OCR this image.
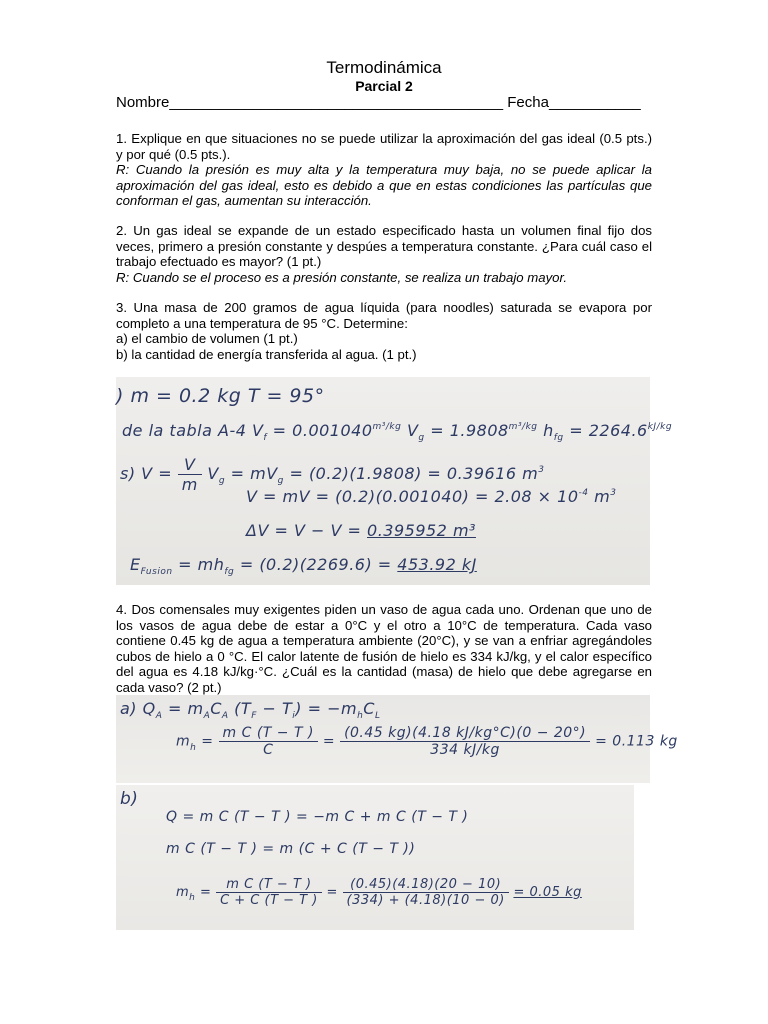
Termodinámica
Parcial 2
Nombre________________________________________ Fecha___________
1. Explique en que situaciones no se puede utilizar la aproximación del gas ideal (0.5 pts.) y por qué (0.5 pts.).
R: Cuando la presión es muy alta y la temperatura muy baja, no se puede aplicar la aproximación del gas ideal, esto es debido a que en estas condiciones las partículas que conforman el gas, aumentan su interacción.
2. Un gas ideal se expande de un estado especificado hasta un volumen final fijo dos veces, primero a presión constante y despúes a temperatura constante. ¿Para cuál caso el trabajo efectuado es mayor? (1 pt.)
R: Cuando se el proceso es a presión constante, se realiza un trabajo mayor.
3. Una masa de 200 gramos de agua líquida (para noodles) saturada se evapora por completo a una temperatura de 95 °C. Determine:
a) el cambio de volumen (1 pt.)
b) la cantidad de energía transferida al agua. (1 pt.)
) m = 0.2 kg T = 95°
de la tabla A-4 $V_f = 0.001040^{m^3/kg}$ $V_g = 1.9808^{m^3/kg}$ $h_{fg} = 2264.6^{kJ/kg}$
s) $V = \frac{V}{m} V_g = mV_g = (0.2)(1.9808) = 0.39616$ $m^3$
V = mV = $(0.2)(0.001040) = 2.08 \times 10^{-4}$ $m^3$
ΔV = V − V = 0.395952 m³
$E_{Fusion} = mh_{fg} = (0.2)(2269.6) = 453.92$ kJ
4. Dos comensales muy exigentes piden un vaso de agua cada uno. Ordenan que uno de los vasos de agua debe de estar a 0°C y el otro a 10°C de temperatura. Cada vaso contiene 0.45 kg de agua a temperatura ambiente (20°C), y se van a enfriar agregándoles cubos de hielo a 0 °C. El calor latente de fusión de hielo es 334 kJ/kg, y el calor específico del agua es 4.18 kJ/kg·°C. ¿Cuál es la cantidad (masa) de hielo que debe agregarse en cada vaso? (2 pt.)
a) $Q_A = m_AC_A$ $(T_F - T_i) = -m_hC_L$
$m_h = \frac{\text{m C (T − T )}}{C} = \frac{(0.45 kg)(4.18 kJ/kg^\circ C)(0 - 20^\circ)}{334 kJ/kg} = 0.113$ kg
b)
Q = m C (T − T ) = −m C + m C (T − T )
m C (T − T ) = m (C + C (T − T ))
$m_h = \frac{\text{m C (T − T )}}{C + C (T - T )} = \frac{(0.45)(4.18)(20 - 10)}{(334) + (4.18)(10 - 0)} = 0.05$ kg
